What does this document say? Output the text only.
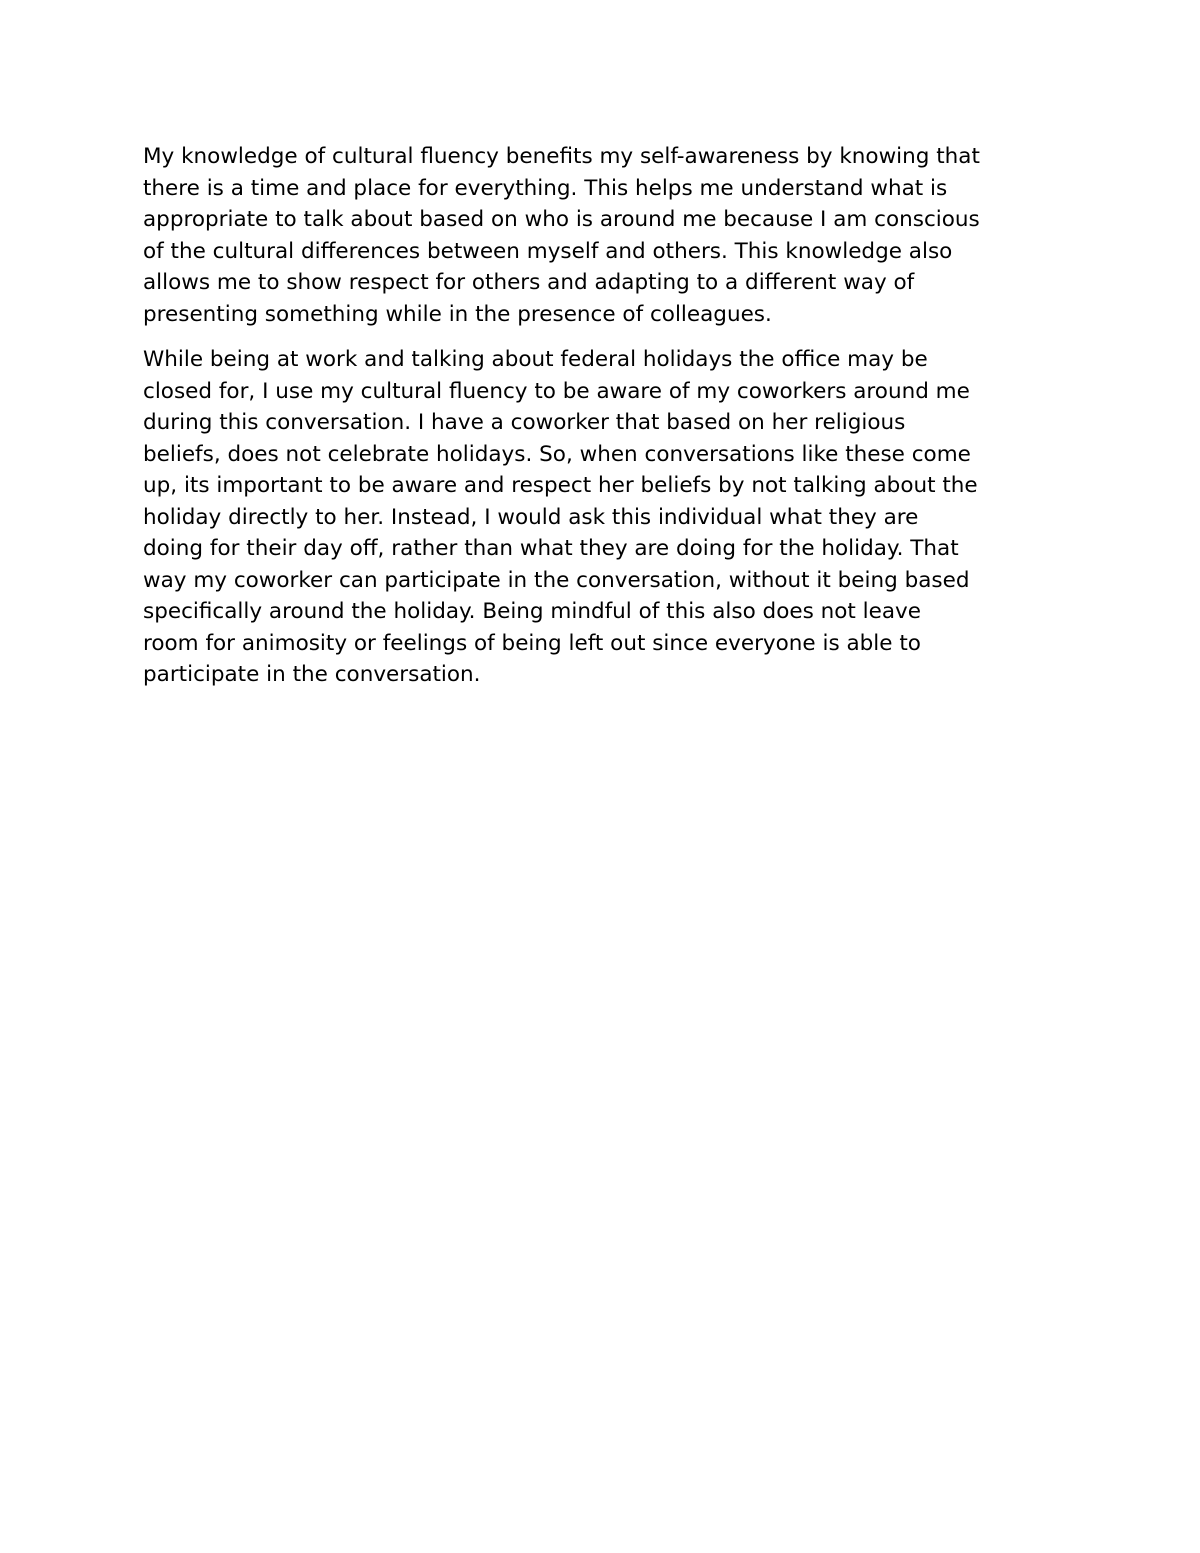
My knowledge of cultural fluency benefits my self-awareness by knowing that
there is a time and place for everything. This helps me understand what is
appropriate to talk about based on who is around me because I am conscious
of the cultural differences between myself and others. This knowledge also
allows me to show respect for others and adapting to a different way of
presenting something while in the presence of colleagues.

While being at work and talking about federal holidays the office may be
closed for, I use my cultural fluency to be aware of my coworkers around me
during this conversation. I have a coworker that based on her religious
beliefs, does not celebrate holidays. So, when conversations like these come
up, its important to be aware and respect her beliefs by not talking about the
holiday directly to her. Instead, I would ask this individual what they are
doing for their day off, rather than what they are doing for the holiday. That
way my coworker can participate in the conversation, without it being based
specifically around the holiday. Being mindful of this also does not leave
room for animosity or feelings of being left out since everyone is able to
participate in the conversation.
